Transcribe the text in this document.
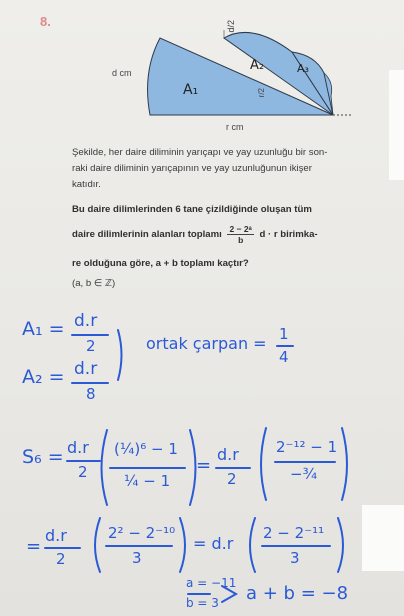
8.	d/2
d cm
r cm
r/2
A₁
A₂	A₃
Şekilde, her daire diliminin yarıçapı ve yay uzunluğu bir son-
raki daire diliminin yarıçapının ve yay uzunluğunun ikişer
katıdır.
Bu daire dilimlerinden 6 tane çizildiğinde oluşan tüm
daire dilimlerinin alanları toplamı $\frac{\text{2 − 2ᵃ}}{b}$ d · r birimka-
re olduğuna göre, a + b toplamı kaçtır?
(a, b ∈ ℤ)
A₁ = d.r
2
A₂ = d.r
8
ortak çarpan = 1
4
S₆ = d.r
2
(¼)⁶ − 1
¼ − 1
=
d.r
2
2⁻¹² − 1
−¾
=
d.r
2
2² − 2⁻¹⁰
3
= d.r
2 − 2⁻¹¹
3
a = −11
b = 3 a + b = −8
